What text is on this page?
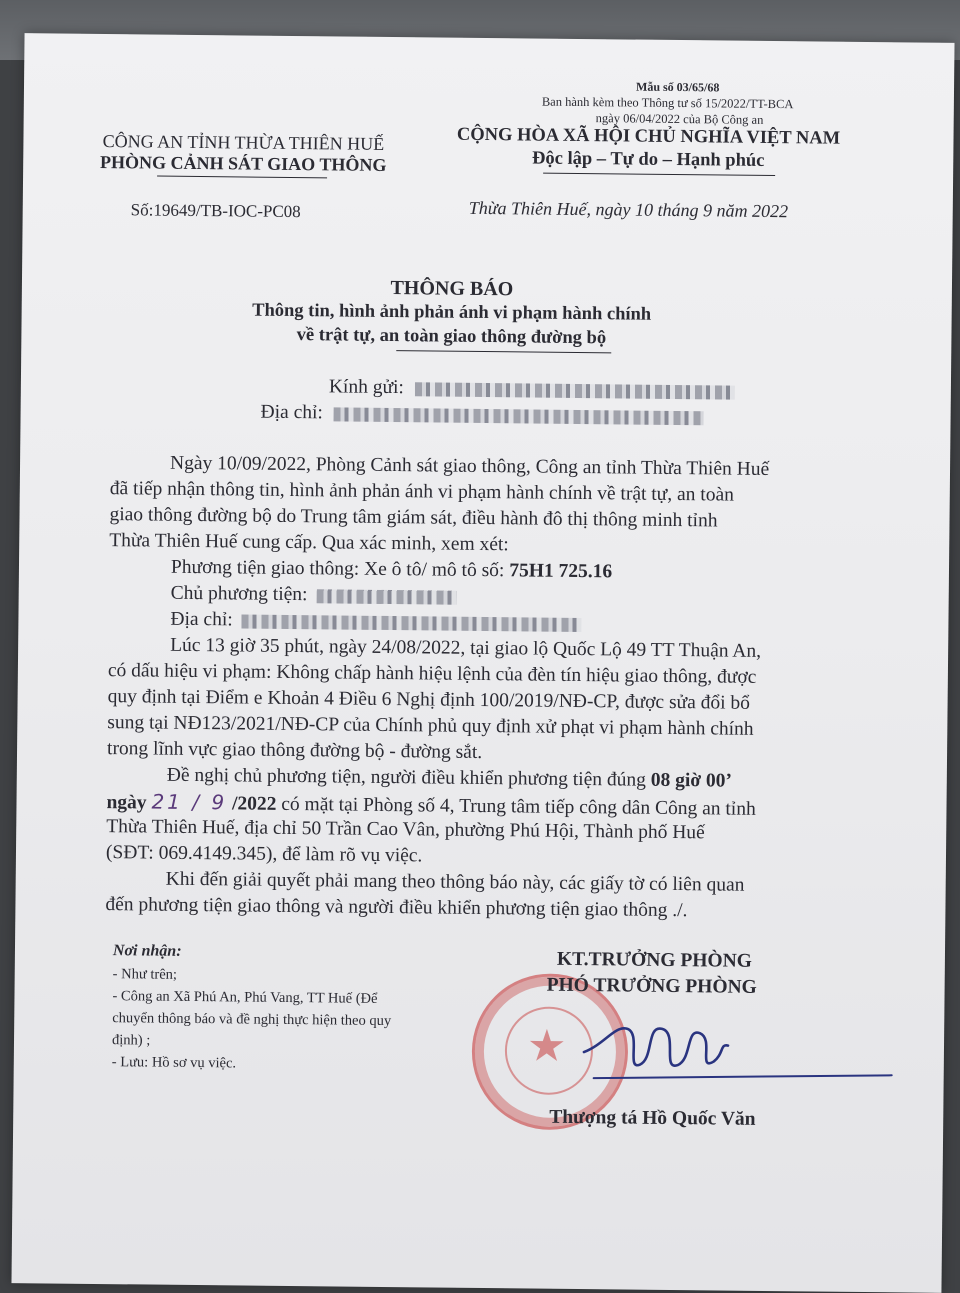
Mẫu số 03/65/68
Ban hành kèm theo Thông tư số 15/2022/TT-BCA
ngày 06/04/2022 của Bộ Công an
CÔNG AN TỈNH THỪA THIÊN HUẾ
PHÒNG CẢNH SÁT GIAO THÔNG
CỘNG HÒA XÃ HỘI CHỦ NGHĨA VIỆT NAM
Độc lập – Tự do – Hạnh phúc
Số:19649/TB-IOC-PC08	Thừa Thiên Huế, ngày 10 tháng 9 năm 2022
THÔNG BÁO
Thông tin, hình ảnh phản ánh vi phạm hành chính
về trật tự, an toàn giao thông đường bộ
Kính gửi:
Địa chỉ:
Ngày 10/09/2022, Phòng Cảnh sát giao thông, Công an tỉnh Thừa Thiên Huế
đã tiếp nhận thông tin, hình ảnh phản ánh vi phạm hành chính về trật tự, an toàn
giao thông đường bộ do Trung tâm giám sát, điều hành đô thị thông minh tỉnh
Thừa Thiên Huế cung cấp. Qua xác minh, xem xét:
Phương tiện giao thông: Xe ô tô/ mô tô số: 75H1 725.16
Chủ phương tiện:
Địa chỉ:
Lúc 13 giờ 35 phút, ngày 24/08/2022, tại giao lộ Quốc Lộ 49 TT Thuận An,
có dấu hiệu vi phạm: Không chấp hành hiệu lệnh của đèn tín hiệu giao thông, được
quy định tại Điểm e Khoản 4 Điều 6 Nghị định 100/2019/NĐ-CP, được sửa đổi bổ
sung tại NĐ123/2021/NĐ-CP của Chính phủ quy định xử phạt vi phạm hành chính
trong lĩnh vực giao thông đường bộ - đường sắt.
Đề nghị chủ phương tiện, người điều khiển phương tiện đúng 08 giờ 00’
ngày 21 / 9 /2022 có mặt tại Phòng số 4, Trung tâm tiếp công dân Công an tỉnh
Thừa Thiên Huế, địa chỉ 50 Trần Cao Vân, phường Phú Hội, Thành phố Huế
(SĐT: 069.4149.345), để làm rõ vụ việc.
Khi đến giải quyết phải mang theo thông báo này, các giấy tờ có liên quan
đến phương tiện giao thông và người điều khiển phương tiện giao thông ./.
Nơi nhận:
- Như trên;
- Công an Xã Phú An, Phú Vang, TT Huế (Để
chuyển thông báo và đề nghị thực hiện theo quy
định) ;
- Lưu: Hồ sơ vụ việc.	★
KT.TRƯỞNG PHÒNG
PHÓ TRƯỞNG PHÒNG
Thượng tá Hồ Quốc Văn
